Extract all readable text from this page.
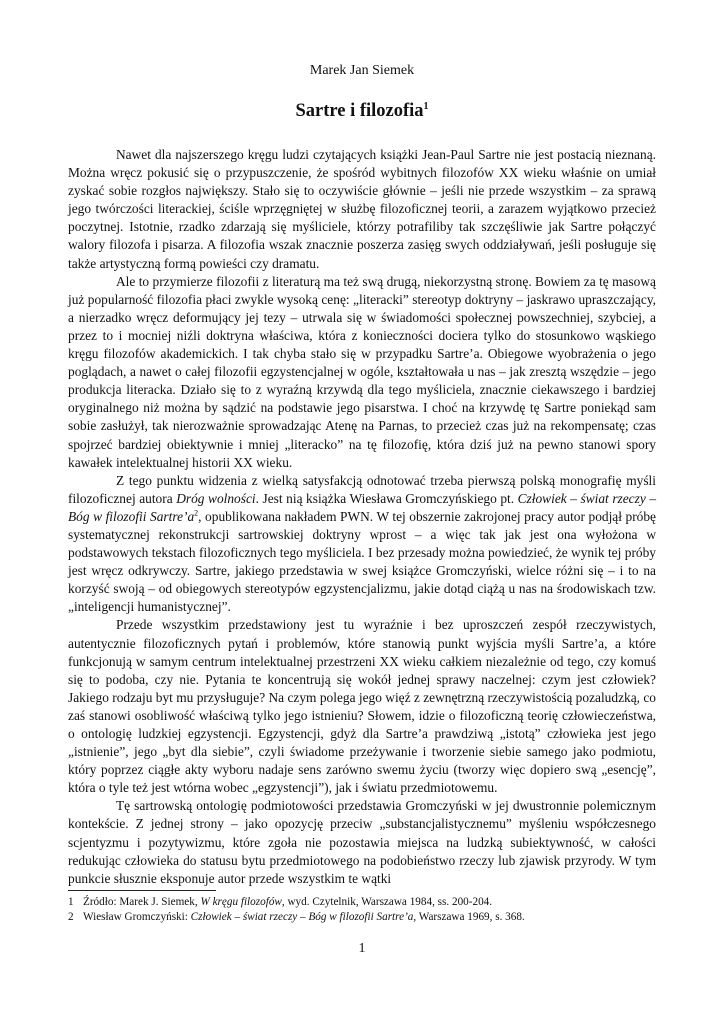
Marek Jan Siemek
Sartre i filozofia$^1$

Nawet dla najszerszego kręgu ludzi czytających książki Jean-Paul Sartre nie jest postacią nieznaną. Można wręcz pokusić się o przypuszczenie, że spośród wybitnych filozofów XX wieku właśnie on umiał zyskać sobie rozgłos największy. Stało się to oczywiście głównie – jeśli nie przede wszystkim – za sprawą jego twórczości literackiej, ściśle wprzęgniętej w służbę filozoficznej teorii, a zarazem wyjątkowo przecież poczytnej. Istotnie, rzadko zdarzają się myśliciele, którzy potrafiliby tak szczęśliwie jak Sartre połączyć walory filozofa i pisarza. A filozofia wszak znacznie poszerza zasięg swych oddziaływań, jeśli posługuje się także artystyczną formą powieści czy dramatu.

Ale to przymierze filozofii z literaturą ma też swą drugą, niekorzystną stronę. Bowiem za tę masową już popularność filozofia płaci zwykle wysoką cenę: „literacki” stereotyp doktryny – jaskrawo upraszczający, a nierzadko wręcz deformujący jej tezy – utrwala się w świadomości społecznej powszechniej, szybciej, a przez to i mocniej niźli doktryna właściwa, która z konieczności dociera tylko do stosunkowo wąskiego kręgu filozofów akademickich. I tak chyba stało się w przypadku Sartre’a. Obiegowe wyobrażenia o jego poglądach, a nawet o całej filozofii egzystencjalnej w ogóle, kształtowała u nas – jak zresztą wszędzie – jego produkcja literacka. Działo się to z wyraźną krzywdą dla tego myśliciela, znacznie ciekawszego i bardziej oryginalnego niż można by sądzić na podstawie jego pisarstwa. I choć na krzywdę tę Sartre poniekąd sam sobie zasłużył, tak nierozważnie sprowadzając Atenę na Parnas, to przecież czas już na rekompensatę; czas spojrzeć bardziej obiektywnie i mniej „literacko” na tę filozofię, która dziś już na pewno stanowi spory kawałek intelektualnej historii XX wieku.

Z tego punktu widzenia z wielką satysfakcją odnotować trzeba pierwszą polską monografię myśli filozoficznej autora Dróg wolności. Jest nią książka Wiesława Gromczyńskiego pt. Człowiek – świat rzeczy – Bóg w filozofii $Sartre’a^2$, opublikowana nakładem PWN. W tej obszernie zakrojonej pracy autor podjął próbę systematycznej rekonstrukcji sartrowskiej doktryny wprost – a więc tak jak jest ona wyłożona w podstawowych tekstach filozoficznych tego myśliciela. I bez przesady można powiedzieć, że wynik tej próby jest wręcz odkrywczy. Sartre, jakiego przedstawia w swej książce Gromczyński, wielce różni się – i to na korzyść swoją – od obiegowych stereotypów egzystencjalizmu, jakie dotąd ciążą u nas na środowiskach tzw. „inteligencji humanistycznej”.

Przede wszystkim przedstawiony jest tu wyraźnie i bez uproszczeń zespół rzeczywistych, autentycznie filozoficznych pytań i problemów, które stanowią punkt wyjścia myśli Sartre’a, a które funkcjonują w samym centrum intelektualnej przestrzeni XX wieku całkiem niezależnie od tego, czy komuś się to podoba, czy nie. Pytania te koncentrują się wokół jednej sprawy naczelnej: czym jest człowiek? Jakiego rodzaju byt mu przysługuje? Na czym polega jego więź z zewnętrzną rzeczywistością pozaludzką, co zaś stanowi osobliwość właściwą tylko jego istnieniu? Słowem, idzie o filozoficzną teorię człowieczeństwa, o ontologię ludzkiej egzystencji. Egzystencji, gdyż dla Sartre’a prawdziwą „istotą” człowieka jest jego „istnienie”, jego „byt dla siebie”, czyli świadome przeżywanie i tworzenie siebie samego jako podmiotu, który poprzez ciągłe akty wyboru nadaje sens zarówno swemu życiu (tworzy więc dopiero swą „esencję”, która o tyle też jest wtórna wobec „egzystencji”), jak i światu przedmiotowemu.

Tę sartrowską ontologię podmiotowości przedstawia Gromczyński w jej dwustronnie polemicznym kontekście. Z jednej strony – jako opozycję przeciw „substancjalistycznemu” myśleniu współczesnego scjentyzmu i pozytywizmu, które zgoła nie pozostawia miejsca na ludzką subiektywność, w całości redukując człowieka do statusu bytu przedmiotowego na podobieństwo rzeczy lub zjawisk przyrody. W tym punkcie słusznie eksponuje autor przede wszystkim te wątki

1 Źródło: Marek J. Siemek, W kręgu filozofów, wyd. Czytelnik, Warszawa 1984, ss. 200-204.
2 Wiesław Gromczyński: Człowiek – świat rzeczy – Bóg w filozofii Sartre’a, Warszawa 1969, s. 368.
1
